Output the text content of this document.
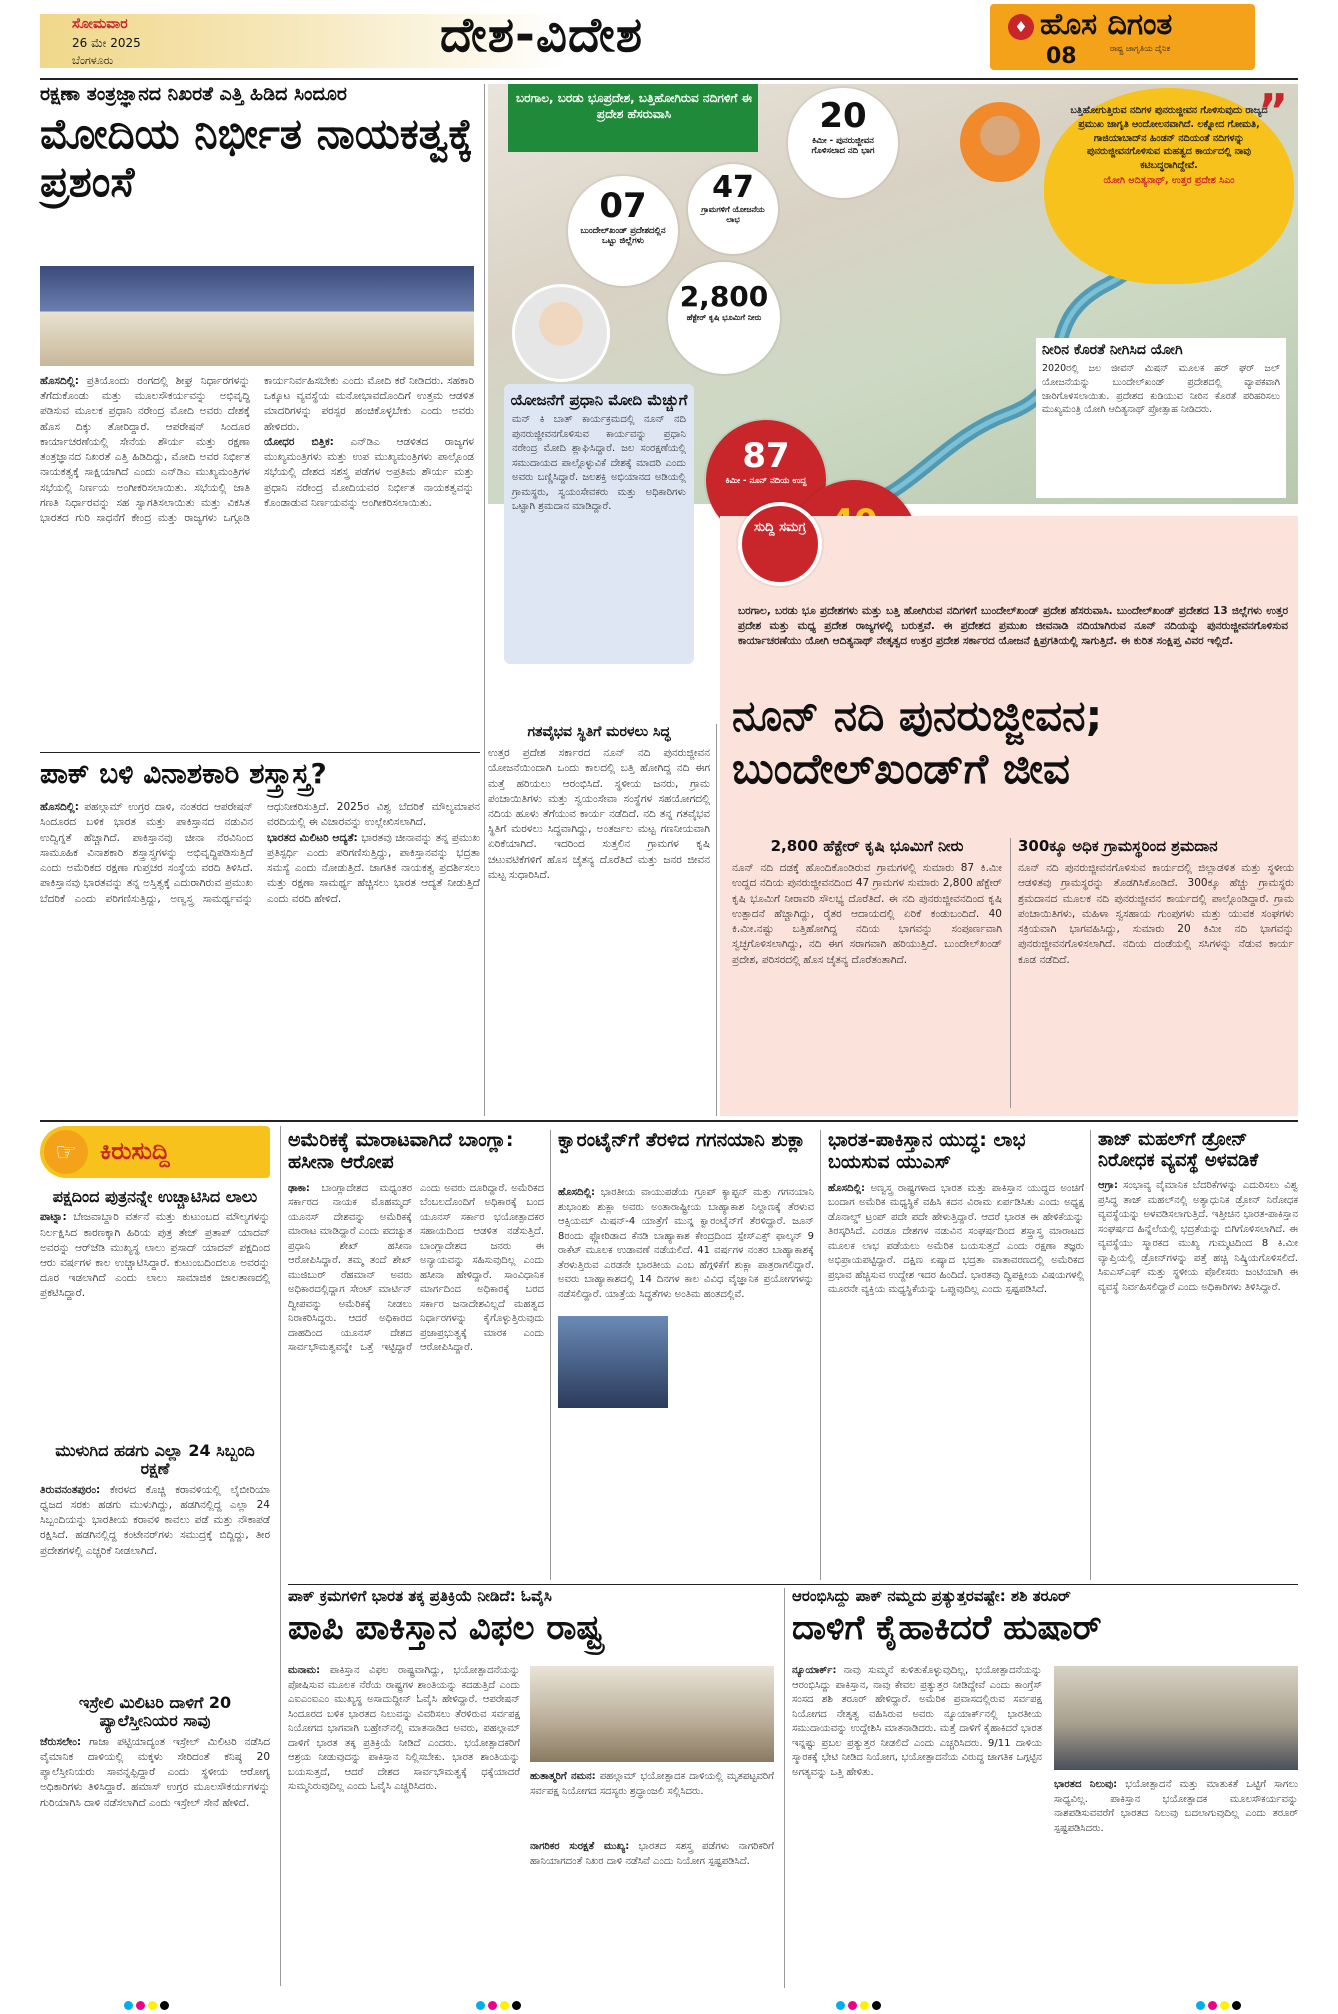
ಸೋಮವಾರ
26 ಮೇ 2025
ಬೆಂಗಳೂರು	ದೇಶ-ವಿದೇಶ	♦ ಹೊಸ ದಿಗಂತ
ರಾಷ್ಟ್ರ ಜಾಗೃತಿಯ ದೈನಿಕ
08
ರಕ್ಷಣಾ ತಂತ್ರಜ್ಞಾನದ ನಿಖರತೆ ಎತ್ತಿ ಹಿಡಿದ ಸಿಂದೂರ
ಮೋದಿಯ ನಿರ್ಭೀತ ನಾಯಕತ್ವಕ್ಕೆ ಪ್ರಶಂಸೆ

ಹೊಸದಿಲ್ಲಿ: ಪ್ರತಿಯೊಂದು ರಂಗದಲ್ಲಿ ಶೀಘ್ರ ನಿರ್ಧಾರಗಳನ್ನು ತೆಗೆದುಕೊಂಡು ಮತ್ತು ಮೂಲಸೌಕರ್ಯವನ್ನು ಅಭಿವೃದ್ಧಿ ಪಡಿಸುವ ಮೂಲಕ ಪ್ರಧಾನಿ ನರೇಂದ್ರ ಮೋದಿ ಅವರು ದೇಶಕ್ಕೆ ಹೊಸ ದಿಕ್ಕು ತೋರಿದ್ದಾರೆ. ಆಪರೇಷನ್ ಸಿಂದೂರ ಕಾರ್ಯಾಚರಣೆಯಲ್ಲಿ ಸೇನೆಯ ಶೌರ್ಯ ಮತ್ತು ರಕ್ಷಣಾ ತಂತ್ರಜ್ಞಾನದ ನಿಖರತೆ ಎತ್ತಿ ಹಿಡಿದಿದ್ದು, ಮೋದಿ ಅವರ ನಿರ್ಭೀತ ನಾಯಕತ್ವಕ್ಕೆ ಸಾಕ್ಷಿಯಾಗಿದೆ ಎಂದು ಎನ್‌ಡಿಎ ಮುಖ್ಯಮಂತ್ರಿಗಳ ಸಭೆಯಲ್ಲಿ ನಿರ್ಣಯ ಅಂಗೀಕರಿಸಲಾಯಿತು. ಸಭೆಯಲ್ಲಿ ಜಾತಿ ಗಣತಿ ನಿರ್ಧಾರವನ್ನು ಸಹ ಸ್ವಾಗತಿಸಲಾಯಿತು ಮತ್ತು ವಿಕಸಿತ ಭಾರತದ ಗುರಿ ಸಾಧನೆಗೆ ಕೇಂದ್ರ ಮತ್ತು ರಾಜ್ಯಗಳು ಒಗ್ಗೂಡಿ ಕಾರ್ಯನಿರ್ವಹಿಸಬೇಕು ಎಂದು ಮೋದಿ ಕರೆ ನೀಡಿದರು. ಸಹಕಾರಿ ಒಕ್ಕೂಟ ವ್ಯವಸ್ಥೆಯ ಮನೋಭಾವದೊಂದಿಗೆ ಉತ್ತಮ ಆಡಳಿತ ಮಾದರಿಗಳನ್ನು ಪರಸ್ಪರ ಹಂಚಿಕೊಳ್ಳಬೇಕು ಎಂದು ಅವರು ಹೇಳಿದರು.

ಯೋಧರ ಬಿತ್ತಿಕ: ಎನ್‌ಡಿಎ ಆಡಳಿತದ ರಾಜ್ಯಗಳ ಮುಖ್ಯಮಂತ್ರಿಗಳು ಮತ್ತು ಉಪ ಮುಖ್ಯಮಂತ್ರಿಗಳು ಪಾಲ್ಗೊಂಡ ಸಭೆಯಲ್ಲಿ ದೇಶದ ಸಶಸ್ತ್ರ ಪಡೆಗಳ ಅಪ್ರತಿಮ ಶೌರ್ಯ ಮತ್ತು ಪ್ರಧಾನಿ ನರೇಂದ್ರ ಮೋದಿಯವರ ನಿರ್ಭೀತ ನಾಯಕತ್ವವನ್ನು ಕೊಂಡಾಡುವ ನಿರ್ಣಯವನ್ನು ಅಂಗೀಕರಿಸಲಾಯಿತು.

ಬರಗಾಲ, ಬರಡು ಭೂಪ್ರದೇಶ, ಬತ್ತಿಹೋಗಿರುವ ನದಿಗಳಿಗೆ ಈ ಪ್ರದೇಶ ಹೆಸರುವಾಸಿ	20
ಕಿಮೀ - ಪುನರುಜ್ಜೀವನ ಗೊಳಿಸಲಾದ ನದಿ ಭಾಗ
07
ಬುಂದೇಲ್‌ಖಂಡ್ ಪ್ರದೇಶದಲ್ಲಿನ ಒಟ್ಟು ಜಿಲ್ಲೆಗಳು
47
ಗ್ರಾಮಗಳಿಗೆ ಯೋಜನೆಯ ಲಾಭ
2,800
ಹೆಕ್ಟೇರ್ ಕೃಷಿ ಭೂಮಿಗೆ ನೀರು
ಯೋಜನೆಗೆ ಪ್ರಧಾನಿ ಮೋದಿ ಮೆಚ್ಚುಗೆ

ಮನ್ ಕಿ ಬಾತ್ ಕಾರ್ಯಕ್ರಮದಲ್ಲಿ ನೂನ್ ನದಿ ಪುನರುಜ್ಜೀವನಗೊಳಿಸುವ ಕಾರ್ಯವನ್ನು ಪ್ರಧಾನಿ ನರೇಂದ್ರ ಮೋದಿ ಶ್ಲಾಘಿಸಿದ್ದಾರೆ. ಜಲ ಸಂರಕ್ಷಣೆಯಲ್ಲಿ ಸಮುದಾಯದ ಪಾಲ್ಗೊಳ್ಳುವಿಕೆ ದೇಶಕ್ಕೆ ಮಾದರಿ ಎಂದು ಅವರು ಬಣ್ಣಿಸಿದ್ದಾರೆ. ಜಲಶಕ್ತಿ ಅಭಿಯಾನದ ಅಡಿಯಲ್ಲಿ ಗ್ರಾಮಸ್ಥರು, ಸ್ವಯಂಸೇವಕರು ಮತ್ತು ಅಧಿಕಾರಿಗಳು ಒಟ್ಟಾಗಿ ಶ್ರಮದಾನ ಮಾಡಿದ್ದಾರೆ.

ಬತ್ತಿಹೋಗುತ್ತಿರುವ ನದಿಗಳ ಪುನರುಜ್ಜೀವನ ಗೊಳಿಸುವುದು ರಾಜ್ಯದ ಪ್ರಮುಖ ಜಾಗೃತಿ ಆಂದೋಲನವಾಗಿದೆ. ಲಕ್ನೋದ ಗೋಮತಿ, ಗಾಜಿಯಾಬಾದ್‌ನ ಹಿಂಡನ್ ನದಿಯಂತೆ ನದಿಗಳನ್ನು ಪುನರುಜ್ಜೀವನಗೊಳಿಸುವ ಮಹತ್ವದ ಕಾರ್ಯದಲ್ಲಿ ನಾವು ಕಟಿಬದ್ಧರಾಗಿದ್ದೇವೆ.

ಯೋಗಿ ಆದಿತ್ಯನಾಥ್, ಉತ್ತರ ಪ್ರದೇಶ ಸಿಎಂ
”
ನೀರಿನ ಕೊರತೆ ನೀಗಿಸಿದ ಯೋಗಿ

2020ರಲ್ಲಿ ಜಲ ಜೀವನ್ ಮಿಷನ್ ಮೂಲಕ ಹರ್ ಘರ್ ಜಲ್ ಯೋಜನೆಯನ್ನು ಬುಂದೇಲ್‌ಖಂಡ್ ಪ್ರದೇಶದಲ್ಲಿ ವ್ಯಾಪಕವಾಗಿ ಜಾರಿಗೊಳಿಸಲಾಯಿತು. ಪ್ರದೇಶದ ಕುಡಿಯುವ ನೀರಿನ ಕೊರತೆ ಪರಿಹರಿಸಲು ಮುಖ್ಯಮಂತ್ರಿ ಯೋಗಿ ಆದಿತ್ಯನಾಥ್ ಪ್ರೋತ್ಸಾಹ ನೀಡಿದರು.

87
ಕಿಮೀ - ನೂನ್ ನದಿಯ ಉದ್ದ
ಸುದ್ದಿ ಸಮಗ್ರ

ಬರಗಾಲ, ಬರಡು ಭೂ ಪ್ರದೇಶಗಳು ಮತ್ತು ಬತ್ತಿ ಹೋಗಿರುವ ನದಿಗಳಿಗೆ ಬುಂದೇಲ್‌ಖಂಡ್ ಪ್ರದೇಶ ಹೆಸರುವಾಸಿ. ಬುಂದೇಲ್‌ಖಂಡ್ ಪ್ರದೇಶದ 13 ಜಿಲ್ಲೆಗಳು ಉತ್ತರ ಪ್ರದೇಶ ಮತ್ತು ಮಧ್ಯ ಪ್ರದೇಶ ರಾಜ್ಯಗಳಲ್ಲಿ ಬರುತ್ತವೆ. ಈ ಪ್ರದೇಶದ ಪ್ರಮುಖ ಜೀವನಾಡಿ ನದಿಯಾಗಿರುವ ನೂನ್ ನದಿಯನ್ನು ಪುನರುಜ್ಜೀವನಗೊಳಿಸುವ ಕಾರ್ಯಾಚರಣೆಯು ಯೋಗಿ ಆದಿತ್ಯನಾಥ್ ನೇತೃತ್ವದ ಉತ್ತರ ಪ್ರದೇಶ ಸರ್ಕಾರದ ಯೋಜನೆ ಕ್ಷಿಪ್ರಗತಿಯಲ್ಲಿ ಸಾಗುತ್ತಿದೆ. ಈ ಕುರಿತ ಸಂಕ್ಷಿಪ್ತ ವಿವರ ಇಲ್ಲಿದೆ.

ನೂನ್ ನದಿ ಪುನರುಜ್ಜೀವನ; ಬುಂದೇಲ್‌ಖಂಡ್‌ಗೆ ಜೀವ
ಗತವೈಭವ ಸ್ಥಿತಿಗೆ ಮರಳಲು ಸಿದ್ಧ

ಉತ್ತರ ಪ್ರದೇಶ ಸರ್ಕಾರದ ನೂನ್ ನದಿ ಪುನರುಜ್ಜೀವನ ಯೋಜನೆಯಿಂದಾಗಿ ಒಂದು ಕಾಲದಲ್ಲಿ ಬತ್ತಿ ಹೋಗಿದ್ದ ನದಿ ಈಗ ಮತ್ತೆ ಹರಿಯಲು ಆರಂಭಿಸಿದೆ. ಸ್ಥಳೀಯ ಜನರು, ಗ್ರಾಮ ಪಂಚಾಯಿತಿಗಳು ಮತ್ತು ಸ್ವಯಂಸೇವಾ ಸಂಸ್ಥೆಗಳ ಸಹಯೋಗದಲ್ಲಿ ನದಿಯ ಹೂಳು ತೆಗೆಯುವ ಕಾರ್ಯ ನಡೆದಿದೆ. ನದಿ ತನ್ನ ಗತವೈಭವ ಸ್ಥಿತಿಗೆ ಮರಳಲು ಸಿದ್ಧವಾಗಿದ್ದು, ಅಂತರ್ಜಲ ಮಟ್ಟ ಗಣನೀಯವಾಗಿ ಏರಿಕೆಯಾಗಿದೆ. ಇದರಿಂದ ಸುತ್ತಲಿನ ಗ್ರಾಮಗಳ ಕೃಷಿ ಚಟುವಟಿಕೆಗಳಿಗೆ ಹೊಸ ಚೈತನ್ಯ ದೊರೆತಿದೆ ಮತ್ತು ಜನರ ಜೀವನ ಮಟ್ಟ ಸುಧಾರಿಸಿದೆ.

2,800 ಹೆಕ್ಟೇರ್ ಕೃಷಿ ಭೂಮಿಗೆ ನೀರು

ನೂನ್ ನದಿ ದಡಕ್ಕೆ ಹೊಂದಿಕೊಂಡಿರುವ ಗ್ರಾಮಗಳಲ್ಲಿ ಸುಮಾರು 87 ಕಿ.ಮೀ ಉದ್ದದ ನದಿಯ ಪುನರುಜ್ಜೀವನದಿಂದ 47 ಗ್ರಾಮಗಳ ಸುಮಾರು 2,800 ಹೆಕ್ಟೇರ್ ಕೃಷಿ ಭೂಮಿಗೆ ನೀರಾವರಿ ಸೌಲಭ್ಯ ದೊರೆತಿದೆ. ಈ ನದಿ ಪುನರುಜ್ಜೀವನದಿಂದ ಕೃಷಿ ಉತ್ಪಾದನೆ ಹೆಚ್ಚಾಗಿದ್ದು, ರೈತರ ಆದಾಯದಲ್ಲಿ ಏರಿಕೆ ಕಂಡುಬಂದಿದೆ. 40 ಕಿ.ಮೀ.ನಷ್ಟು ಬತ್ತಿಹೋಗಿದ್ದ ನದಿಯ ಭಾಗವನ್ನು ಸಂಪೂರ್ಣವಾಗಿ ಸ್ವಚ್ಛಗೊಳಿಸಲಾಗಿದ್ದು, ನದಿ ಈಗ ಸರಾಗವಾಗಿ ಹರಿಯುತ್ತಿದೆ. ಬುಂದೇಲ್‌ಖಂಡ್ ಪ್ರದೇಶ, ಪರಿಸರದಲ್ಲಿ ಹೊಸ ಚೈತನ್ಯ ದೊರೆತಂತಾಗಿದೆ.

300ಕ್ಕೂ ಅಧಿಕ ಗ್ರಾಮಸ್ಥರಿಂದ ಶ್ರಮದಾನ

ನೂನ್ ನದಿ ಪುನರುಜ್ಜೀವನಗೊಳಿಸುವ ಕಾರ್ಯದಲ್ಲಿ ಜಿಲ್ಲಾಡಳಿತ ಮತ್ತು ಸ್ಥಳೀಯ ಆಡಳಿತವು ಗ್ರಾಮಸ್ಥರನ್ನು ತೊಡಗಿಸಿಕೊಂಡಿದೆ. 300ಕ್ಕೂ ಹೆಚ್ಚು ಗ್ರಾಮಸ್ಥರು ಶ್ರಮದಾನದ ಮೂಲಕ ನದಿ ಪುನರುಜ್ಜೀವನ ಕಾರ್ಯದಲ್ಲಿ ಪಾಲ್ಗೊಂಡಿದ್ದಾರೆ. ಗ್ರಾಮ ಪಂಚಾಯಿತಿಗಳು, ಮಹಿಳಾ ಸ್ವಸಹಾಯ ಗುಂಪುಗಳು ಮತ್ತು ಯುವಕ ಸಂಘಗಳು ಸಕ್ರಿಯವಾಗಿ ಭಾಗವಹಿಸಿದ್ದು, ಸುಮಾರು 20 ಕಿಮೀ ನದಿ ಭಾಗವನ್ನು ಪುನರುಜ್ಜೀವನಗೊಳಿಸಲಾಗಿದೆ. ನದಿಯ ದಂಡೆಯಲ್ಲಿ ಸಸಿಗಳನ್ನು ನೆಡುವ ಕಾರ್ಯ ಕೂಡ ನಡೆದಿದೆ.

ಪಾಕ್ ಬಳಿ ವಿನಾಶಕಾರಿ ಶಸ್ತ್ರಾಸ್ತ್ರ?

ಹೊಸದಿಲ್ಲಿ: ಪಹಲ್ಗಾಮ್ ಉಗ್ರರ ದಾಳಿ, ನಂತರದ ಆಪರೇಷನ್ ಸಿಂದೂರದ ಬಳಿಕ ಭಾರತ ಮತ್ತು ಪಾಕಿಸ್ತಾನದ ನಡುವಿನ ಉದ್ವಿಗ್ನತೆ ಹೆಚ್ಚಾಗಿದೆ. ಪಾಕಿಸ್ತಾನವು ಚೀನಾ ನೆರವಿನಿಂದ ಸಾಮೂಹಿಕ ವಿನಾಶಕಾರಿ ಶಸ್ತ್ರಾಸ್ತ್ರಗಳನ್ನು ಅಭಿವೃದ್ಧಿಪಡಿಸುತ್ತಿದೆ ಎಂದು ಅಮೆರಿಕದ ರಕ್ಷಣಾ ಗುಪ್ತಚರ ಸಂಸ್ಥೆಯ ವರದಿ ತಿಳಿಸಿದೆ. ಪಾಕಿಸ್ತಾನವು ಭಾರತವನ್ನು ತನ್ನ ಅಸ್ತಿತ್ವಕ್ಕೆ ಎದುರಾಗಿರುವ ಪ್ರಮುಖ ಬೆದರಿಕೆ ಎಂದು ಪರಿಗಣಿಸುತ್ತಿದ್ದು, ಅಣ್ವಸ್ತ್ರ ಸಾಮರ್ಥ್ಯವನ್ನು ಆಧುನೀಕರಿಸುತ್ತಿದೆ. 2025ರ ವಿಶ್ವ ಬೆದರಿಕೆ ಮೌಲ್ಯಮಾಪನ ವರದಿಯಲ್ಲಿ ಈ ವಿಚಾರವನ್ನು ಉಲ್ಲೇಖಿಸಲಾಗಿದೆ.

ಭಾರತದ ಮಿಲಿಟರಿ ಆದ್ಯತೆ: ಭಾರತವು ಚೀನಾವನ್ನು ತನ್ನ ಪ್ರಮುಖ ಪ್ರತಿಸ್ಪರ್ಧಿ ಎಂದು ಪರಿಗಣಿಸುತ್ತಿದ್ದು, ಪಾಕಿಸ್ತಾನವನ್ನು ಭದ್ರತಾ ಸಮಸ್ಯೆ ಎಂದು ನೋಡುತ್ತಿದೆ. ಜಾಗತಿಕ ನಾಯಕತ್ವ ಪ್ರದರ್ಶಿಸಲು ಮತ್ತು ರಕ್ಷಣಾ ಸಾಮರ್ಥ್ಯ ಹೆಚ್ಚಿಸಲು ಭಾರತ ಆದ್ಯತೆ ನೀಡುತ್ತಿದೆ ಎಂದು ವರದಿ ಹೇಳಿದೆ.

☞ ಕಿರುಸುದ್ದಿ
ಪಕ್ಷದಿಂದ ಪುತ್ರನನ್ನೇ ಉಚ್ಚಾಟಿಸಿದ ಲಾಲು

ಪಾಟ್ನಾ: ಬೇಜವಾಬ್ದಾರಿ ವರ್ತನೆ ಮತ್ತು ಕುಟುಂಬದ ಮೌಲ್ಯಗಳನ್ನು ನಿರ್ಲಕ್ಷಿಸಿದ ಕಾರಣಕ್ಕಾಗಿ ಹಿರಿಯ ಪುತ್ರ ತೇಜ್ ಪ್ರತಾಪ್ ಯಾದವ್ ಅವರನ್ನು ಆರ್‌ಜೆಡಿ ಮುಖ್ಯಸ್ಥ ಲಾಲು ಪ್ರಸಾದ್ ಯಾದವ್ ಪಕ್ಷದಿಂದ ಆರು ವರ್ಷಗಳ ಕಾಲ ಉಚ್ಚಾಟಿಸಿದ್ದಾರೆ. ಕುಟುಂಬದಿಂದಲೂ ಅವರನ್ನು ದೂರ ಇಡಲಾಗಿದೆ ಎಂದು ಲಾಲು ಸಾಮಾಜಿಕ ಜಾಲತಾಣದಲ್ಲಿ ಪ್ರಕಟಿಸಿದ್ದಾರೆ.

ಮುಳುಗಿದ ಹಡಗು ಎಲ್ಲಾ 24 ಸಿಬ್ಬಂದಿ ರಕ್ಷಣೆ

ತಿರುವನಂತಪುರಂ: ಕೇರಳದ ಕೊಚ್ಚಿ ಕರಾವಳಿಯಲ್ಲಿ ಲೈಬೀರಿಯಾ ಧ್ವಜದ ಸರಕು ಹಡಗು ಮುಳುಗಿದ್ದು, ಹಡಗಿನಲ್ಲಿದ್ದ ಎಲ್ಲಾ 24 ಸಿಬ್ಬಂದಿಯನ್ನು ಭಾರತೀಯ ಕರಾವಳಿ ಕಾವಲು ಪಡೆ ಮತ್ತು ನೌಕಾಪಡೆ ರಕ್ಷಿಸಿದೆ. ಹಡಗಿನಲ್ಲಿದ್ದ ಕಂಟೇನರ್‌ಗಳು ಸಮುದ್ರಕ್ಕೆ ಬಿದ್ದಿದ್ದು, ತೀರ ಪ್ರದೇಶಗಳಲ್ಲಿ ಎಚ್ಚರಿಕೆ ನೀಡಲಾಗಿದೆ.

ಇಸ್ರೇಲಿ ಮಿಲಿಟರಿ ದಾಳಿಗೆ 20 ಪ್ಯಾಲೆಸ್ತೀನಿಯರ ಸಾವು

ಜೆರುಸಲೇಂ: ಗಾಜಾ ಪಟ್ಟಿಯಾದ್ಯಂತ ಇಸ್ರೇಲ್ ಮಿಲಿಟರಿ ನಡೆಸಿದ ವೈಮಾನಿಕ ದಾಳಿಯಲ್ಲಿ ಮಕ್ಕಳು ಸೇರಿದಂತೆ ಕನಿಷ್ಠ 20 ಪ್ಯಾಲೆಸ್ತೀನಿಯರು ಸಾವನ್ನಪ್ಪಿದ್ದಾರೆ ಎಂದು ಸ್ಥಳೀಯ ಆರೋಗ್ಯ ಅಧಿಕಾರಿಗಳು ತಿಳಿಸಿದ್ದಾರೆ. ಹಮಾಸ್ ಉಗ್ರರ ಮೂಲಸೌಕರ್ಯಗಳನ್ನು ಗುರಿಯಾಗಿಸಿ ದಾಳಿ ನಡೆಸಲಾಗಿದೆ ಎಂದು ಇಸ್ರೇಲ್ ಸೇನೆ ಹೇಳಿದೆ.

ಅಮೆರಿಕಕ್ಕೆ ಮಾರಾಟವಾಗಿದೆ ಬಾಂಗ್ಲಾ: ಹಸೀನಾ ಆರೋಪ

ಢಾಕಾ: ಬಾಂಗ್ಲಾದೇಶದ ಮಧ್ಯಂತರ ಸರ್ಕಾರದ ನಾಯಕ ಮೊಹಮ್ಮದ್ ಯೂನಸ್ ದೇಶವನ್ನು ಅಮೆರಿಕಕ್ಕೆ ಮಾರಾಟ ಮಾಡಿದ್ದಾರೆ ಎಂದು ಪದಚ್ಯುತ ಪ್ರಧಾನಿ ಶೇಖ್ ಹಸೀನಾ ಆರೋಪಿಸಿದ್ದಾರೆ. ತಮ್ಮ ತಂದೆ ಶೇಖ್ ಮುಜಿಬುರ್ ರೆಹಮಾನ್ ಅವರು ಅಧಿಕಾರದಲ್ಲಿದ್ದಾಗ ಸೇಂಟ್ ಮಾರ್ಟಿನ್ ದ್ವೀಪವನ್ನು ಅಮೆರಿಕಕ್ಕೆ ನೀಡಲು ನಿರಾಕರಿಸಿದ್ದರು. ಆದರೆ ಅಧಿಕಾರದ ದಾಹದಿಂದ ಯೂನಸ್ ದೇಶದ ಸಾರ್ವಭೌಮತ್ವವನ್ನೇ ಒತ್ತೆ ಇಟ್ಟಿದ್ದಾರೆ ಎಂದು ಅವರು ದೂರಿದ್ದಾರೆ. ಅಮೆರಿಕದ ಬೆಂಬಲದೊಂದಿಗೆ ಅಧಿಕಾರಕ್ಕೆ ಬಂದ ಯೂನಸ್ ಸರ್ಕಾರ ಭಯೋತ್ಪಾದಕರ ಸಹಾಯದಿಂದ ಆಡಳಿತ ನಡೆಸುತ್ತಿದೆ. ಬಾಂಗ್ಲಾದೇಶದ ಜನರು ಈ ಅನ್ಯಾಯವನ್ನು ಸಹಿಸುವುದಿಲ್ಲ ಎಂದು ಹಸೀನಾ ಹೇಳಿದ್ದಾರೆ. ಸಾಂವಿಧಾನಿಕ ಮಾರ್ಗದಿಂದ ಅಧಿಕಾರಕ್ಕೆ ಬರದ ಸರ್ಕಾರ ಜನಾದೇಶವಿಲ್ಲದೆ ಮಹತ್ವದ ನಿರ್ಧಾರಗಳನ್ನು ಕೈಗೊಳ್ಳುತ್ತಿರುವುದು ಪ್ರಜಾಪ್ರಭುತ್ವಕ್ಕೆ ಮಾರಕ ಎಂದು ಆರೋಪಿಸಿದ್ದಾರೆ.

ಕ್ವಾರಂಟೈನ್‌ಗೆ ತೆರಳಿದ ಗಗನಯಾನಿ ಶುಕ್ಲಾ

ಹೊಸದಿಲ್ಲಿ: ಭಾರತೀಯ ವಾಯುಪಡೆಯ ಗ್ರೂಪ್ ಕ್ಯಾಪ್ಟನ್ ಮತ್ತು ಗಗನಯಾನಿ ಶುಭಾಂಶು ಶುಕ್ಲಾ ಅವರು ಅಂತಾರಾಷ್ಟ್ರೀಯ ಬಾಹ್ಯಾಕಾಶ ನಿಲ್ದಾಣಕ್ಕೆ ತೆರಳುವ ಆಕ್ಸಿಯಮ್ ಮಿಷನ್-4 ಯಾತ್ರೆಗೆ ಮುನ್ನ ಕ್ವಾರಂಟೈನ್‌ಗೆ ತೆರಳಿದ್ದಾರೆ. ಜೂನ್ 8ರಂದು ಫ್ಲೋರಿಡಾದ ಕೆನಡಿ ಬಾಹ್ಯಾಕಾಶ ಕೇಂದ್ರದಿಂದ ಸ್ಪೇಸ್‌ಎಕ್ಸ್ ಫಾಲ್ಕನ್ 9 ರಾಕೆಟ್ ಮೂಲಕ ಉಡಾವಣೆ ನಡೆಯಲಿದೆ. 41 ವರ್ಷಗಳ ನಂತರ ಬಾಹ್ಯಾಕಾಶಕ್ಕೆ ತೆರಳುತ್ತಿರುವ ಎರಡನೇ ಭಾರತೀಯ ಎಂಬ ಹೆಗ್ಗಳಿಕೆಗೆ ಶುಕ್ಲಾ ಪಾತ್ರರಾಗಲಿದ್ದಾರೆ. ಅವರು ಬಾಹ್ಯಾಕಾಶದಲ್ಲಿ 14 ದಿನಗಳ ಕಾಲ ವಿವಿಧ ವೈಜ್ಞಾನಿಕ ಪ್ರಯೋಗಗಳನ್ನು ನಡೆಸಲಿದ್ದಾರೆ. ಯಾತ್ರೆಯ ಸಿದ್ಧತೆಗಳು ಅಂತಿಮ ಹಂತದಲ್ಲಿವೆ.

ಭಾರತ-ಪಾಕಿಸ್ತಾನ ಯುದ್ಧ: ಲಾಭ ಬಯಸುವ ಯುಎಸ್

ಹೊಸದಿಲ್ಲಿ: ಅಣ್ವಸ್ತ್ರ ರಾಷ್ಟ್ರಗಳಾದ ಭಾರತ ಮತ್ತು ಪಾಕಿಸ್ತಾನ ಯುದ್ಧದ ಅಂಚಿಗೆ ಬಂದಾಗ ಅಮೆರಿಕ ಮಧ್ಯಸ್ಥಿಕೆ ವಹಿಸಿ ಕದನ ವಿರಾಮ ಏರ್ಪಡಿಸಿತು ಎಂದು ಅಧ್ಯಕ್ಷ ಡೊನಾಲ್ಡ್ ಟ್ರಂಪ್ ಪದೇ ಪದೇ ಹೇಳುತ್ತಿದ್ದಾರೆ. ಆದರೆ ಭಾರತ ಈ ಹೇಳಿಕೆಯನ್ನು ತಿರಸ್ಕರಿಸಿದೆ. ಎರಡೂ ದೇಶಗಳ ನಡುವಿನ ಸಂಘರ್ಷದಿಂದ ಶಸ್ತ್ರಾಸ್ತ್ರ ಮಾರಾಟದ ಮೂಲಕ ಲಾಭ ಪಡೆಯಲು ಅಮೆರಿಕ ಬಯಸುತ್ತದೆ ಎಂದು ರಕ್ಷಣಾ ತಜ್ಞರು ಅಭಿಪ್ರಾಯಪಟ್ಟಿದ್ದಾರೆ. ದಕ್ಷಿಣ ಏಷ್ಯಾದ ಭದ್ರತಾ ವಾತಾವರಣದಲ್ಲಿ ಅಮೆರಿಕದ ಪ್ರಭಾವ ಹೆಚ್ಚಿಸುವ ಉದ್ದೇಶ ಇದರ ಹಿಂದಿದೆ. ಭಾರತವು ದ್ವಿಪಕ್ಷೀಯ ವಿಷಯಗಳಲ್ಲಿ ಮೂರನೇ ವ್ಯಕ್ತಿಯ ಮಧ್ಯಸ್ಥಿಕೆಯನ್ನು ಒಪ್ಪುವುದಿಲ್ಲ ಎಂದು ಸ್ಪಷ್ಟಪಡಿಸಿದೆ.

ತಾಜ್ ಮಹಲ್‌ಗೆ ಡ್ರೋನ್ ನಿರೋಧಕ ವ್ಯವಸ್ಥೆ ಅಳವಡಿಕೆ

ಆಗ್ರಾ: ಸಂಭಾವ್ಯ ವೈಮಾನಿಕ ಬೆದರಿಕೆಗಳನ್ನು ಎದುರಿಸಲು ವಿಶ್ವ ಪ್ರಸಿದ್ಧ ತಾಜ್ ಮಹಲ್‌ನಲ್ಲಿ ಅತ್ಯಾಧುನಿಕ ಡ್ರೋನ್ ನಿರೋಧಕ ವ್ಯವಸ್ಥೆಯನ್ನು ಅಳವಡಿಸಲಾಗುತ್ತಿದೆ. ಇತ್ತೀಚಿನ ಭಾರತ-ಪಾಕಿಸ್ತಾನ ಸಂಘರ್ಷದ ಹಿನ್ನೆಲೆಯಲ್ಲಿ ಭದ್ರತೆಯನ್ನು ಬಿಗಿಗೊಳಿಸಲಾಗಿದೆ. ಈ ವ್ಯವಸ್ಥೆಯು ಸ್ಮಾರಕದ ಮುಖ್ಯ ಗುಮ್ಮಟದಿಂದ 8 ಕಿ.ಮೀ ವ್ಯಾಪ್ತಿಯಲ್ಲಿ ಡ್ರೋನ್‌ಗಳನ್ನು ಪತ್ತೆ ಹಚ್ಚಿ ನಿಷ್ಕ್ರಿಯಗೊಳಿಸಲಿದೆ. ಸಿಐಎಸ್‌ಎಫ್ ಮತ್ತು ಸ್ಥಳೀಯ ಪೊಲೀಸರು ಜಂಟಿಯಾಗಿ ಈ ವ್ಯವಸ್ಥೆ ನಿರ್ವಹಿಸಲಿದ್ದಾರೆ ಎಂದು ಅಧಿಕಾರಿಗಳು ತಿಳಿಸಿದ್ದಾರೆ.

ಪಾಕ್ ಕ್ರಮಗಳಿಗೆ ಭಾರತ ತಕ್ಕ ಪ್ರತಿಕ್ರಿಯೆ ನೀಡಿದೆ: ಓವೈಸಿ
ಪಾಪಿ ಪಾಕಿಸ್ತಾನ ವಿಫಲ ರಾಷ್ಟ್ರ

ಮನಾಮ: ಪಾಕಿಸ್ತಾನ ವಿಫಲ ರಾಷ್ಟ್ರವಾಗಿದ್ದು, ಭಯೋತ್ಪಾದನೆಯನ್ನು ಪೋಷಿಸುವ ಮೂಲಕ ನೆರೆಯ ರಾಷ್ಟ್ರಗಳ ಶಾಂತಿಯನ್ನು ಕದಡುತ್ತಿದೆ ಎಂದು ಎಐಎಂಐಎಂ ಮುಖ್ಯಸ್ಥ ಅಸಾದುದ್ದೀನ್ ಓವೈಸಿ ಹೇಳಿದ್ದಾರೆ. ಆಪರೇಷನ್ ಸಿಂದೂರದ ಬಳಿಕ ಭಾರತದ ನಿಲುವನ್ನು ವಿವರಿಸಲು ತೆರಳಿರುವ ಸರ್ವಪಕ್ಷ ನಿಯೋಗದ ಭಾಗವಾಗಿ ಬಹ್ರೇನ್‌ನಲ್ಲಿ ಮಾತನಾಡಿದ ಅವರು, ಪಹಲ್ಗಾಮ್ ದಾಳಿಗೆ ಭಾರತ ತಕ್ಕ ಪ್ರತಿಕ್ರಿಯೆ ನೀಡಿದೆ ಎಂದರು. ಭಯೋತ್ಪಾದಕರಿಗೆ ಆಶ್ರಯ ನೀಡುವುದನ್ನು ಪಾಕಿಸ್ತಾನ ನಿಲ್ಲಿಸಬೇಕು. ಭಾರತ ಶಾಂತಿಯನ್ನು ಬಯಸುತ್ತದೆ, ಆದರೆ ದೇಶದ ಸಾರ್ವಭೌಮತ್ವಕ್ಕೆ ಧಕ್ಕೆಯಾದರೆ ಸುಮ್ಮನಿರುವುದಿಲ್ಲ ಎಂದು ಓವೈಸಿ ಎಚ್ಚರಿಸಿದರು.

ಹುತಾತ್ಮರಿಗೆ ನಮನ: ಪಹಲ್ಗಾಮ್ ಭಯೋತ್ಪಾದಕ ದಾಳಿಯಲ್ಲಿ ಮೃತಪಟ್ಟವರಿಗೆ ಸರ್ವಪಕ್ಷ ನಿಯೋಗದ ಸದಸ್ಯರು ಶ್ರದ್ಧಾಂಜಲಿ ಸಲ್ಲಿಸಿದರು.

ನಾಗರಿಕರ ಸುರಕ್ಷತೆ ಮುಖ್ಯ: ಭಾರತದ ಸಶಸ್ತ್ರ ಪಡೆಗಳು ನಾಗರಿಕರಿಗೆ ಹಾನಿಯಾಗದಂತೆ ನಿಖರ ದಾಳಿ ನಡೆಸಿವೆ ಎಂದು ನಿಯೋಗ ಸ್ಪಷ್ಟಪಡಿಸಿದೆ.

ಆರಂಭಿಸಿದ್ದು ಪಾಕ್ ನಮ್ಮದು ಪ್ರತ್ಯುತ್ತರವಷ್ಟೇ: ಶಶಿ ತರೂರ್
ದಾಳಿಗೆ ಕೈಹಾಕಿದರೆ ಹುಷಾರ್

ನ್ಯೂಯಾರ್ಕ್: ನಾವು ಸುಮ್ಮನೆ ಕುಳಿತುಕೊಳ್ಳುವುದಿಲ್ಲ, ಭಯೋತ್ಪಾದನೆಯನ್ನು ಆರಂಭಿಸಿದ್ದು ಪಾಕಿಸ್ತಾನ, ನಾವು ಕೇವಲ ಪ್ರತ್ಯುತ್ತರ ನೀಡಿದ್ದೇವೆ ಎಂದು ಕಾಂಗ್ರೆಸ್ ಸಂಸದ ಶಶಿ ತರೂರ್ ಹೇಳಿದ್ದಾರೆ. ಅಮೆರಿಕ ಪ್ರವಾಸದಲ್ಲಿರುವ ಸರ್ವಪಕ್ಷ ನಿಯೋಗದ ನೇತೃತ್ವ ವಹಿಸಿರುವ ಅವರು ನ್ಯೂಯಾರ್ಕ್‌ನಲ್ಲಿ ಭಾರತೀಯ ಸಮುದಾಯವನ್ನು ಉದ್ದೇಶಿಸಿ ಮಾತನಾಡಿದರು. ಮತ್ತೆ ದಾಳಿಗೆ ಕೈಹಾಕಿದರೆ ಭಾರತ ಇನ್ನಷ್ಟು ಪ್ರಬಲ ಪ್ರತ್ಯುತ್ತರ ನೀಡಲಿದೆ ಎಂದು ಎಚ್ಚರಿಸಿದರು. 9/11 ದಾಳಿಯ ಸ್ಮಾರಕಕ್ಕೆ ಭೇಟಿ ನೀಡಿದ ನಿಯೋಗ, ಭಯೋತ್ಪಾದನೆಯ ವಿರುದ್ಧ ಜಾಗತಿಕ ಒಗ್ಗಟ್ಟಿನ ಅಗತ್ಯವನ್ನು ಒತ್ತಿ ಹೇಳಿತು.

ಭಾರತದ ನಿಲುವು: ಭಯೋತ್ಪಾದನೆ ಮತ್ತು ಮಾತುಕತೆ ಒಟ್ಟಿಗೆ ಸಾಗಲು ಸಾಧ್ಯವಿಲ್ಲ. ಪಾಕಿಸ್ತಾನ ಭಯೋತ್ಪಾದಕ ಮೂಲಸೌಕರ್ಯವನ್ನು ನಾಶಪಡಿಸುವವರೆಗೆ ಭಾರತದ ನಿಲುವು ಬದಲಾಗುವುದಿಲ್ಲ ಎಂದು ತರೂರ್ ಸ್ಪಷ್ಟಪಡಿಸಿದರು.
